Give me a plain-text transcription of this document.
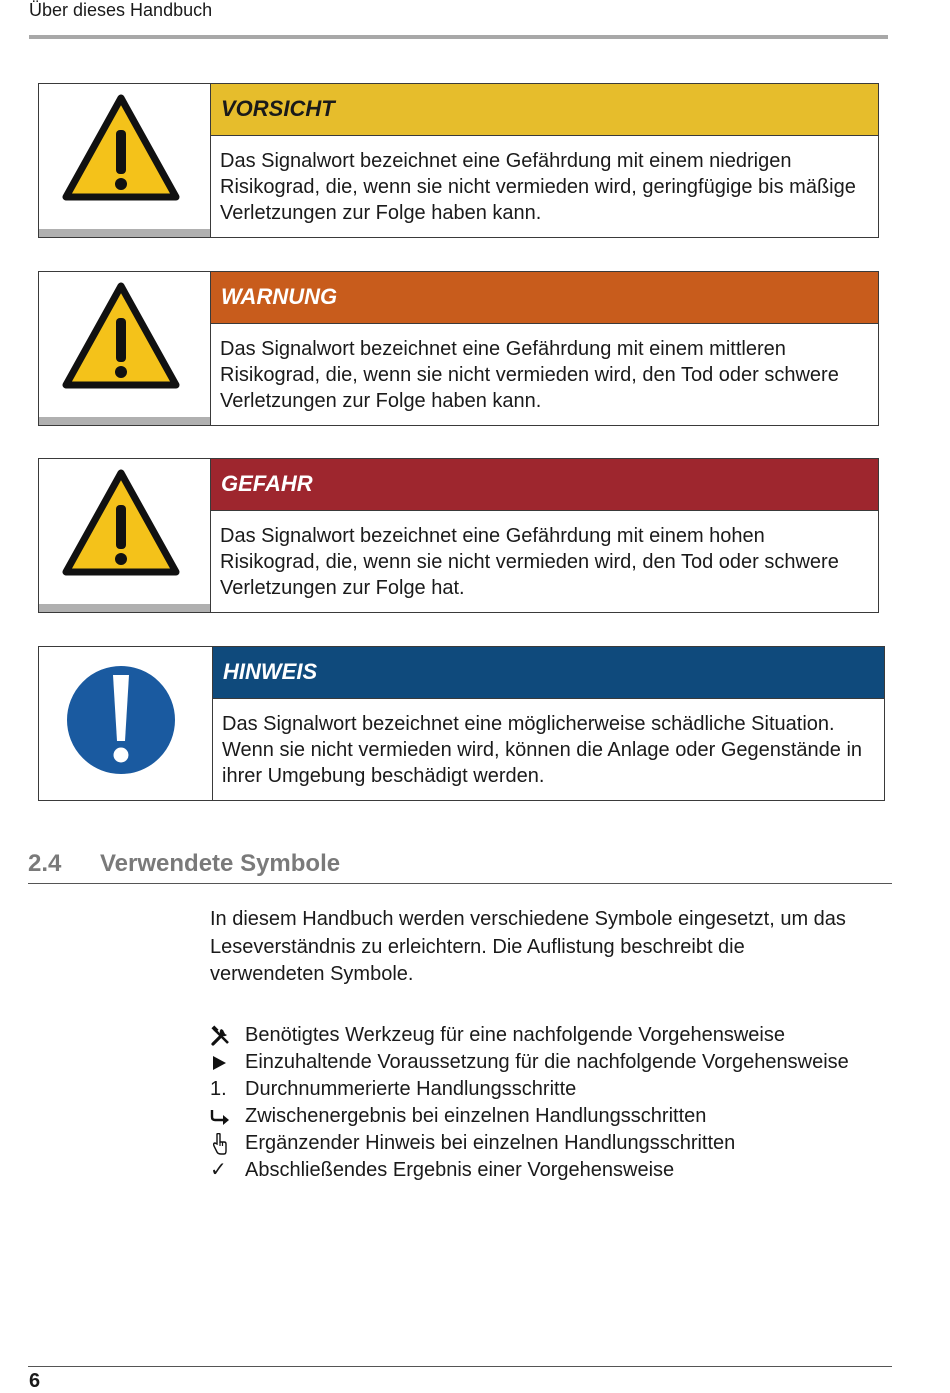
Über dieses Handbuch
VORSICHT
Das Signalwort bezeichnet eine Gefährdung mit einem niedrigen Risikograd, die, wenn sie nicht vermieden wird, geringfügige bis mäßige Verletzungen zur Folge haben kann.
WARNUNG
Das Signalwort bezeichnet eine Gefährdung mit einem mittleren Risikograd, die, wenn sie nicht vermieden wird, den Tod oder schwere Verletzungen zur Folge haben kann.
GEFAHR
Das Signalwort bezeichnet eine Gefährdung mit einem hohen Risikograd, die, wenn sie nicht vermieden wird, den Tod oder schwere Verletzungen zur Folge hat.
HINWEIS
Das Signalwort bezeichnet eine möglicherweise schädliche Situation. Wenn sie nicht vermieden wird, können die Anlage oder Gegenstände in ihrer Umgebung beschädigt werden.
2.4 Verwendete Symbole
In diesem Handbuch werden verschiedene Symbole eingesetzt, um das Leseverständnis zu erleichtern. Die Auflistung beschreibt die verwendeten Symbole.
Benötigtes Werkzeug für eine nachfolgende Vorgehensweise
Einzuhaltende Voraussetzung für die nachfolgende Vorgehensweise
1. Durchnummerierte Handlungsschritte
Zwischenergebnis bei einzelnen Handlungsschritten
Ergänzender Hinweis bei einzelnen Handlungsschritten
✓ Abschließendes Ergebnis einer Vorgehensweise
6
